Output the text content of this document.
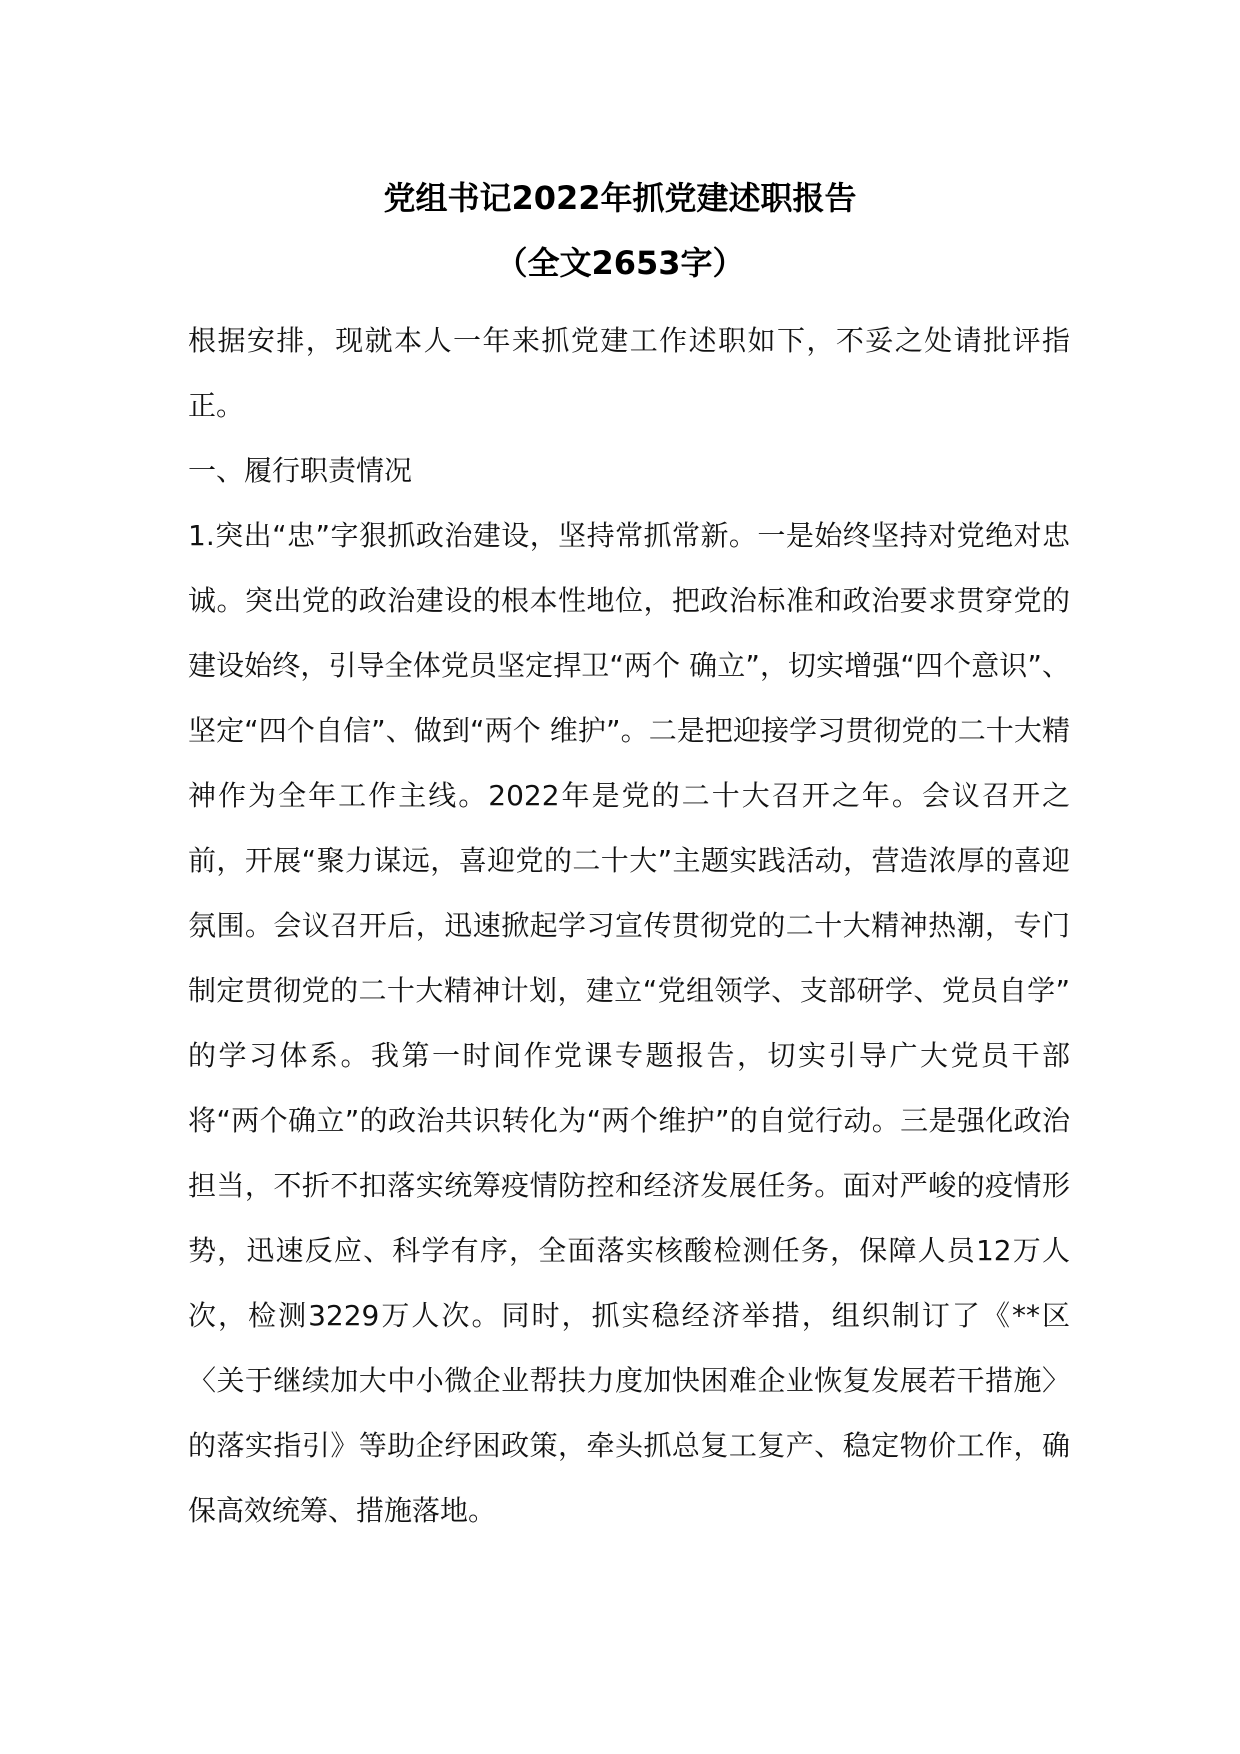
党组书记2022年抓党建述职报告
（全文2653字）

根据安排，现就本人一年来抓党建工作述职如下，不妥之处请批评指正。

一、履行职责情况

1.突出“忠”字狠抓政治建设，坚持常抓常新。一是始终坚持对党绝对忠诚。突出党的政治建设的根本性地位，把政治标准和政治要求贯穿党的建设始终，引导全体党员坚定捍卫“两个 确立”，切实增强“四个意识”、坚定“四个自信”、做到“两个 维护”。二是把迎接学习贯彻党的二十大精神作为全年工作主线。2022年是党的二十大召开之年。会议召开之前，开展“聚力谋远，喜迎党的二十大”主题实践活动，营造浓厚的喜迎氛围。会议召开后，迅速掀起学习宣传贯彻党的二十大精神热潮，专门制定贯彻党的二十大精神计划，建立“党组领学、支部研学、党员自学” 的学习体系。我第一时间作党课专题报告，切实引导广大党员干部将“两个确立”的政治共识转化为“两个维护”的自觉行动。三是强化政治担当，不折不扣落实统筹疫情防控和经济发展任务。面对严峻的疫情形势，迅速反应、科学有序，全面落实核酸检测任务，保障人员12万人次，检测3229万人次。同时，抓实稳经济举措，组织制订了《**区〈关于继续加大中小微企业帮扶力度加快困难企业恢复发展若干措施〉的落实指引》等助企纾困政策，牵头抓总复工复产、稳定物价工作，确保高效统筹、措施落地。
